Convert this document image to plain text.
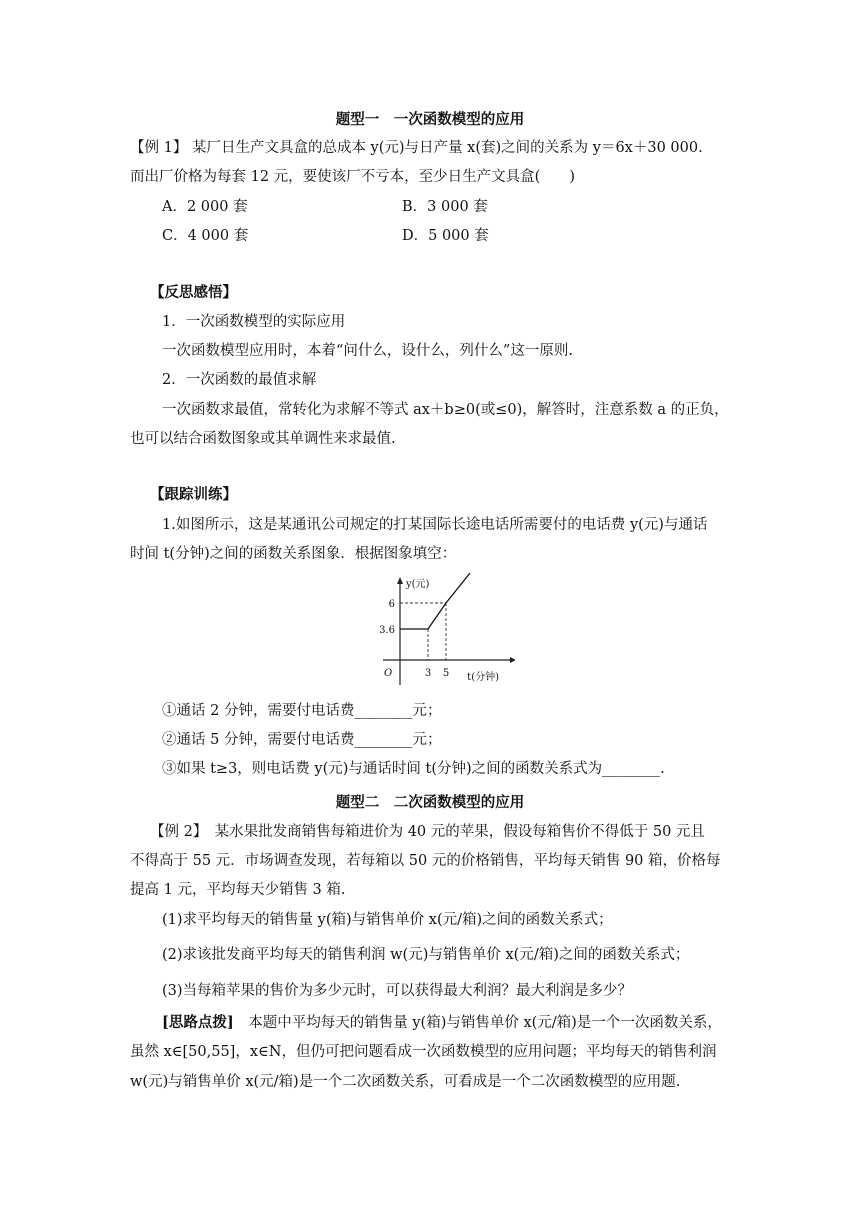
题型一　一次函数模型的应用
【例 1】 某厂日生产文具盒的总成本 y(元)与日产量 x(套)之间的关系为 y＝6x＋30 000.
而出厂价格为每套 12 元，要使该厂不亏本，至少日生产文具盒(　　)
A．2 000 套	B．3 000 套
C．4 000 套	D．5 000 套
【反思感悟】
1．一次函数模型的实际应用
一次函数模型应用时，本着“问什么，设什么，列什么”这一原则.
2．一次函数的最值求解
一次函数求最值，常转化为求解不等式 ax＋b≥0(或≤0)，解答时，注意系数 a 的正负，
也可以结合函数图象或其单调性来求最值.
【跟踪训练】
1.如图所示，这是某通讯公司规定的打某国际长途电话所需要付的电话费 y(元)与通话
时间 t(分钟)之间的函数关系图象．根据图象填空：
y(元)
t(分钟)
O
3.6
6
3 5
①通话 2 分钟，需要付电话费________元；
②通话 5 分钟，需要付电话费________元；
③如果 t≥3，则电话费 y(元)与通话时间 t(分钟)之间的函数关系式为________.
题型二　二次函数模型的应用
【例 2】　某水果批发商销售每箱进价为 40 元的苹果，假设每箱售价不得低于 50 元且
不得高于 55 元．市场调查发现，若每箱以 50 元的价格销售，平均每天销售 90 箱，价格每
提高 1 元，平均每天少销售 3 箱.
(1)求平均每天的销售量 y(箱)与销售单价 x(元/箱)之间的函数关系式；
(2)求该批发商平均每天的销售利润 w(元)与销售单价 x(元/箱)之间的函数关系式；
(3)当每箱苹果的售价为多少元时，可以获得最大利润？最大利润是多少？
[思路点拨]　本题中平均每天的销售量 y(箱)与销售单价 x(元/箱)是一个一次函数关系，
虽然 x∈[50,55]，x∈N，但仍可把问题看成一次函数模型的应用问题；平均每天的销售利润
w(元)与销售单价 x(元/箱)是一个二次函数关系，可看成是一个二次函数模型的应用题.
